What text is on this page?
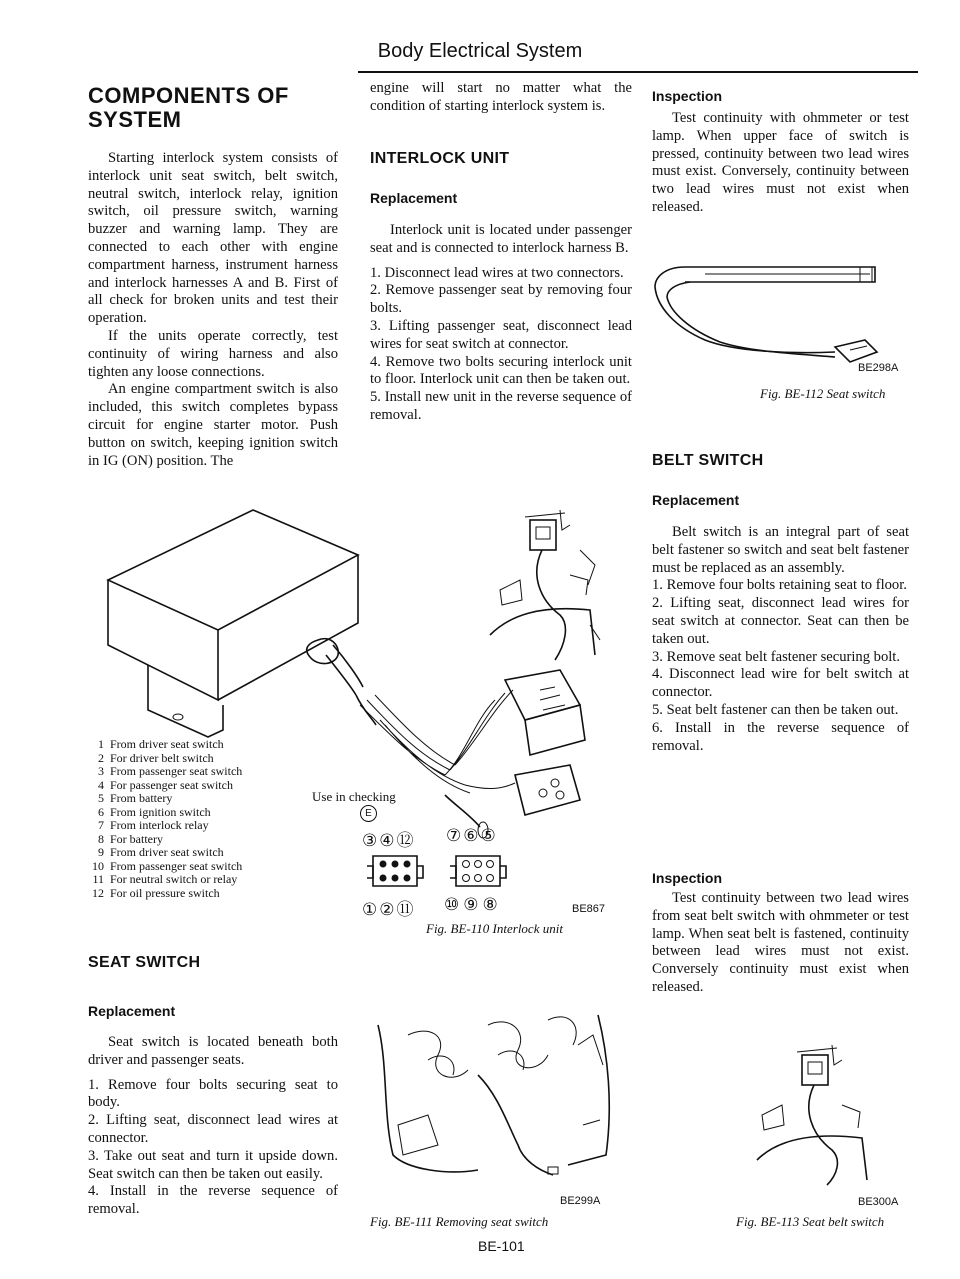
Body Electrical System
COMPONENTS OF SYSTEM

Starting interlock system consists of interlock unit seat switch, belt switch, neutral switch, interlock relay, ignition switch, oil pressure switch, warning buzzer and warning lamp. They are connected to each other with engine compartment harness, instrument harness and interlock harnesses A and B. First of all check for broken units and test their operation.

If the units operate correctly, test continuity of wiring harness and also tighten any loose connections.

An engine compartment switch is also included, this switch completes bypass circuit for engine starter motor. Push button on switch, keeping ignition switch in IG (ON) position. The

1 From driver seat switch
2 For driver belt switch
3 From passenger seat switch
4 For passenger seat switch
5 From battery
6 From ignition switch
7 From interlock relay
8 For battery
9 From driver seat switch
10 From passenger seat switch
11 For neutral switch or relay
12 For oil pressure switch
SEAT SWITCH
Replacement

Seat switch is located beneath both driver and passenger seats.

1. Remove four bolts securing seat to body.

2. Lifting seat, disconnect lead wires at connector.

3. Take out seat and turn it upside down. Seat switch can then be taken out easily.

4. Install in the reverse sequence of removal.

engine will start no matter what the condition of starting interlock system is.
INTERLOCK UNIT
Replacement

Interlock unit is located under passenger seat and is connected to interlock harness B.

1. Disconnect lead wires at two connectors.

2. Remove passenger seat by removing four bolts.

3. Lifting passenger seat, disconnect lead wires for seat switch at connector.

4. Remove two bolts securing interlock unit to floor. Interlock unit can then be taken out.

5. Install new unit in the reverse sequence of removal.

Use in checking
E
③④⑫
①②⑪
⑦⑥⑤
⑩⑨⑧	BE867
Fig. BE-110 Interlock unit
BE299A
Fig. BE-111 Removing seat switch
BE-101
Inspection

Test continuity with ohmmeter or test lamp. When upper face of switch is pressed, continuity between two lead wires must exist. Conversely, continuity between two lead wires must not exist when released.

BE298A
Fig. BE-112 Seat switch
BELT SWITCH
Replacement

Belt switch is an integral part of seat belt fastener so switch and seat belt fastener must be replaced as an assembly.

1. Remove four bolts retaining seat to floor.

2. Lifting seat, disconnect lead wires for seat switch at connector. Seat can then be taken out.

3. Remove seat belt fastener securing bolt.

4. Disconnect lead wire for belt switch at connector.

5. Seat belt fastener can then be taken out.

6. Install in the reverse sequence of removal.

Inspection

Test continuity between two lead wires from seat belt switch with ohmmeter or test lamp. When seat belt is fastened, continuity between lead wires must not exist. Conversely continuity must exist when released.

BE300A
Fig. BE-113 Seat belt switch
